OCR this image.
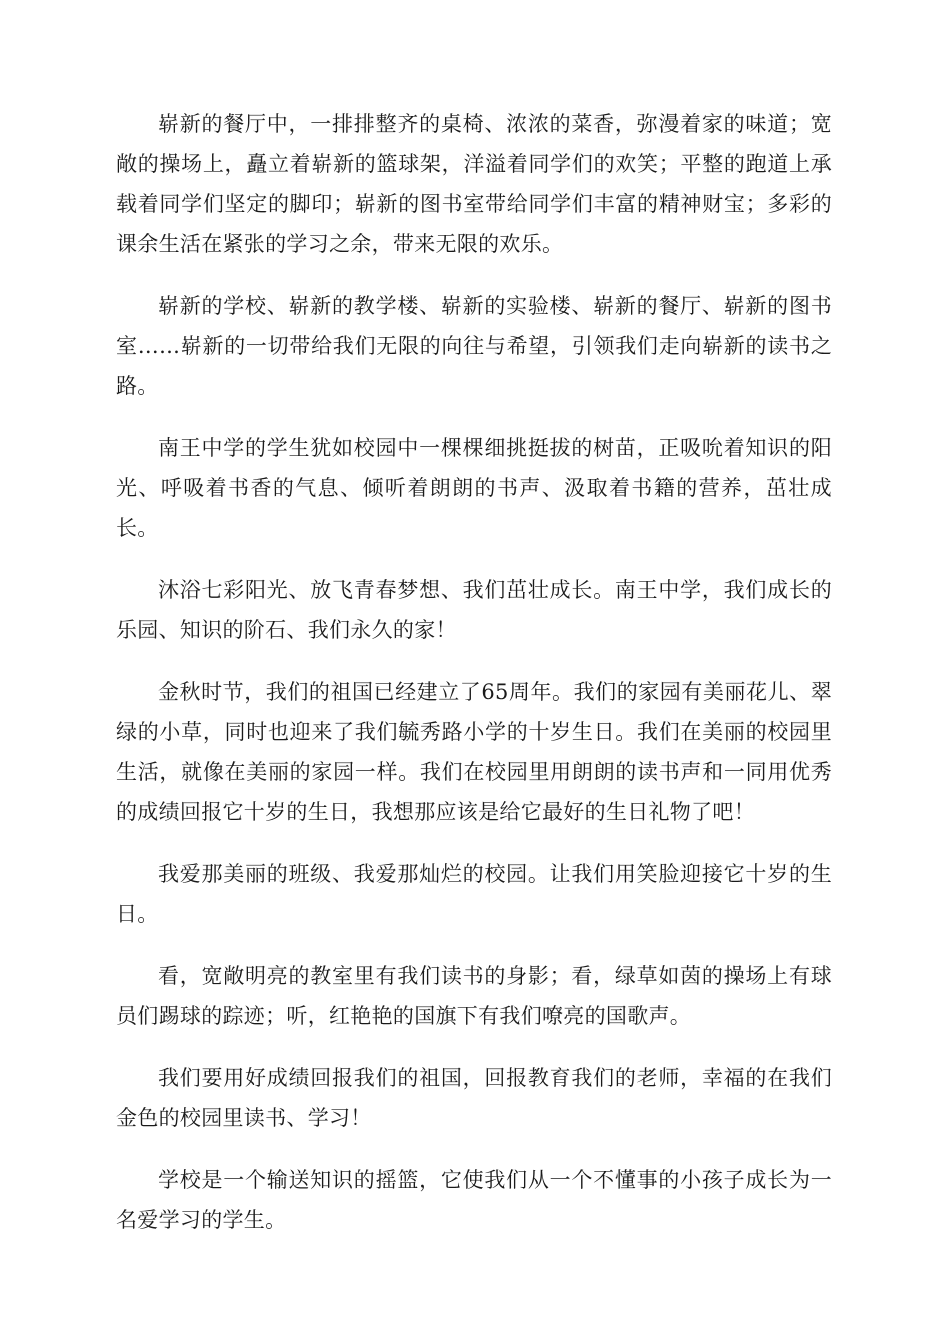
崭新的餐厅中，一排排整齐的桌椅、浓浓的菜香，弥漫着家的味道；宽敞的操场上，矗立着崭新的篮球架，洋溢着同学们的欢笑；平整的跑道上承载着同学们坚定的脚印；崭新的图书室带给同学们丰富的精神财宝；多彩的课余生活在紧张的学习之余，带来无限的欢乐。

崭新的学校、崭新的教学楼、崭新的实验楼、崭新的餐厅、崭新的图书室……崭新的一切带给我们无限的向往与希望，引领我们走向崭新的读书之路。

南王中学的学生犹如校园中一棵棵细挑挺拔的树苗，正吸吮着知识的阳光、呼吸着书香的气息、倾听着朗朗的书声、汲取着书籍的营养，茁壮成长。

沐浴七彩阳光、放飞青春梦想、我们茁壮成长。南王中学，我们成长的乐园、知识的阶石、我们永久的家！

金秋时节，我们的祖国已经建立了65周年。我们的家园有美丽花儿、翠绿的小草，同时也迎来了我们毓秀路小学的十岁生日。我们在美丽的校园里生活，就像在美丽的家园一样。我们在校园里用朗朗的读书声和一同用优秀的成绩回报它十岁的生日，我想那应该是给它最好的生日礼物了吧！

我爱那美丽的班级、我爱那灿烂的校园。让我们用笑脸迎接它十岁的生日。

看，宽敞明亮的教室里有我们读书的身影；看，绿草如茵的操场上有球员们踢球的踪迹；听，红艳艳的国旗下有我们嘹亮的国歌声。

我们要用好成绩回报我们的祖国，回报教育我们的老师，幸福的在我们金色的校园里读书、学习！

学校是一个输送知识的摇篮，它使我们从一个不懂事的小孩子成长为一名爱学习的学生。
